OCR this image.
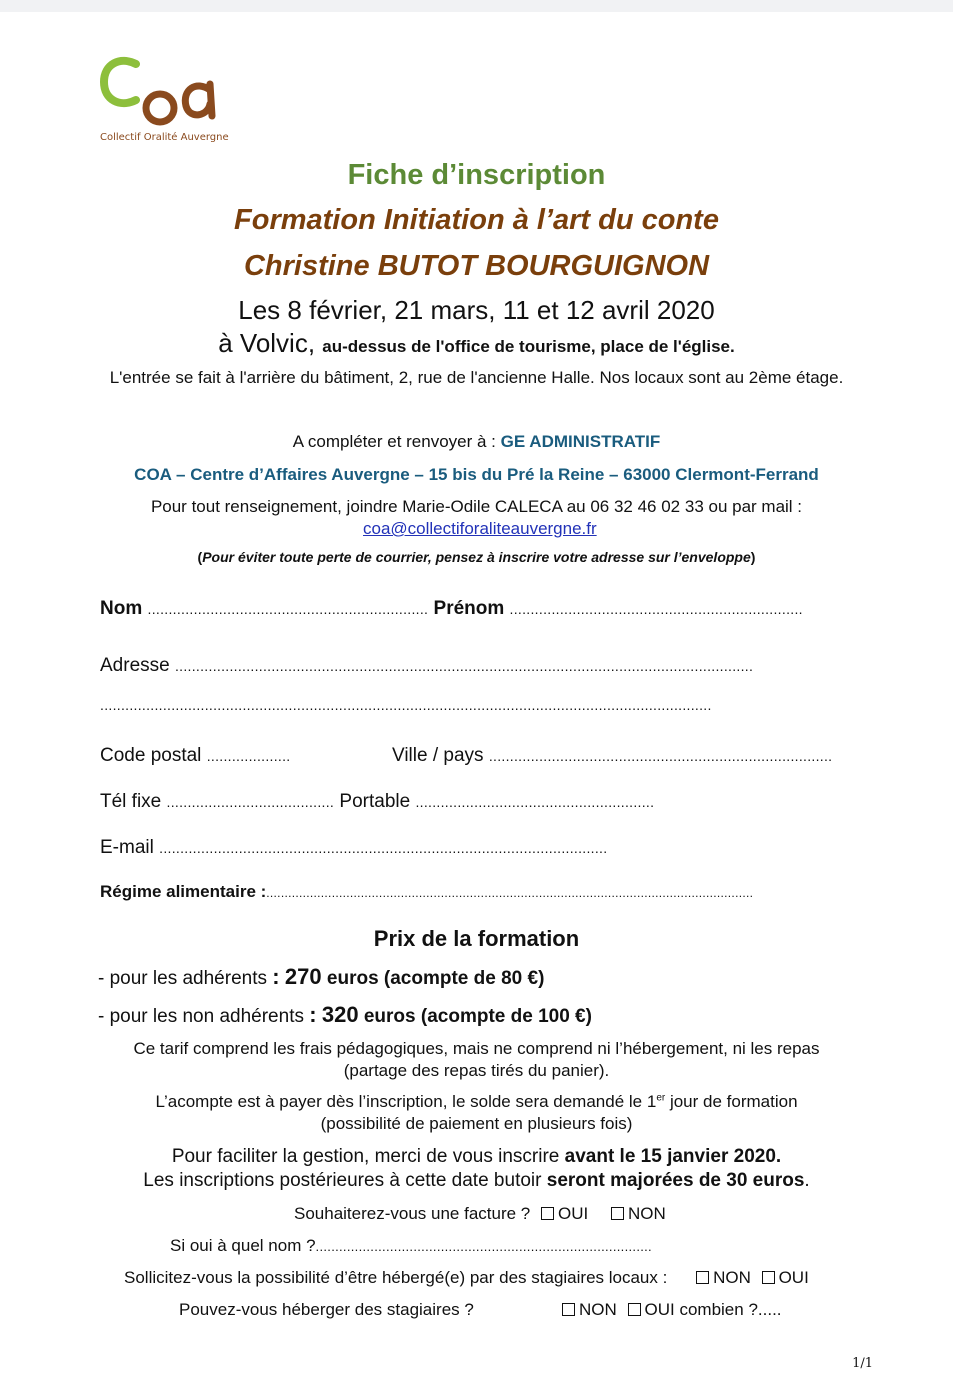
Collectif Oralité Auvergne
Fiche d’inscription
Formation Initiation à l’art du conte
Christine BUTOT BOURGUIGNON
Les 8 février, 21 mars, 11 et 12 avril 2020
à Volvic, au-dessus de l'office de tourisme, place de l'église.
L'entrée se fait à l'arrière du bâtiment, 2, rue de l'ancienne Halle. Nos locaux sont au 2ème étage.
A compléter et renvoyer à : GE ADMINISTRATIF
COA – Centre d’Affaires Auvergne – 15 bis du Pré la Reine – 63000 Clermont-Ferrand
Pour tout renseignement, joindre Marie-Odile CALECA au 06 32 46 02 33 ou par mail :
coa@collectiforaliteauvergne.fr
(Pour éviter toute perte de courrier, pensez à inscrire votre adresse sur l’enveloppe)
Nom ................................................................... Prénom ......................................................................
Adresse ..........................................................................................................................................
..................................................................................................................................................
Code postal ....................	Ville / pays ..................................................................................
Tél fixe ........................................ Portable .........................................................
E-mail ...........................................................................................................
Régime alimentaire :......................................................................................................................................
Prix de la formation
- pour les adhérents : 270 euros (acompte de 80 €)
- pour les non adhérents : 320 euros (acompte de 100 €)
Ce tarif comprend les frais pédagogiques, mais ne comprend ni l’hébergement, ni les repas
(partage des repas tirés du panier).
L’acompte est à payer dès l’inscription, le solde sera demandé le 1er jour de formation
(possibilité de paiement en plusieurs fois)
Pour faciliter la gestion, merci de vous inscrire avant le 15 janvier 2020.
Les inscriptions postérieures à cette date butoir seront majorées de 30 euros.
Souhaiterez-vous une facture ? OUI NON
Si oui à quel nom ?......................................................................................
Sollicitez-vous la possibilité d’être hébergé(e) par des stagiaires locaux :	NON OUI
Pouvez-vous héberger des stagiaires ?	NON OUI combien ?.....
1/1
